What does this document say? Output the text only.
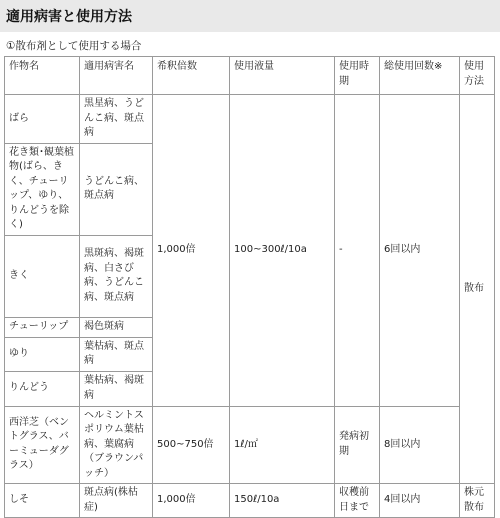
適用病害と使用方法
①散布剤として使用する場合
作物名	適用病害名	希釈倍数	使用液量	使用時期	総使用回数※	使用方法
ばら	黒星病、うどんこ病、斑点病	1,000倍	100~300ℓ/10a	-	6回以内	散布
花き類･観葉植物(ばら、きく、チューリップ、ゆり、りんどうを除く)	うどんこ病、斑点病					
きく	黒斑病、褐斑病、白さび病、うどんこ病、斑点病					
チューリップ	褐色斑病					
ゆり	葉枯病、斑点病					
りんどう	葉枯病、褐斑病					
西洋芝（ベントグラス、バーミューダグラス）	ヘルミントスポリウム葉枯病、葉腐病（ブラウンパッチ）	500~750倍	1ℓ/㎡	発病初期	8回以内	
しそ	斑点病(株枯症)	1,000倍	150ℓ/10a	収穫前日まで	4回以内	株元散布
